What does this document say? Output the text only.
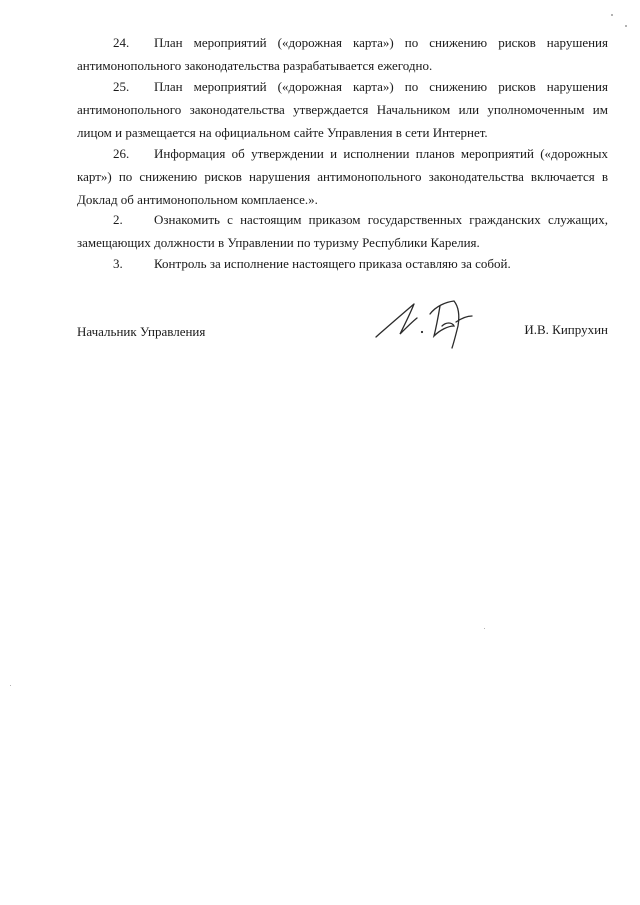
24. План мероприятий («дорожная карта») по снижению рисков нарушения антимонопольного законодательства разрабатывается ежегодно.

25. План мероприятий («дорожная карта») по снижению рисков нарушения антимонопольного законодательства утверждается Начальником или уполномоченным им лицом и размещается на официальном сайте Управления в сети Интернет.

26. Информация об утверждении и исполнении планов мероприятий («дорожных карт») по снижению рисков нарушения антимонопольного законодательства включается в Доклад об антимонопольном комплаенсе.».

2. Ознакомить с настоящим приказом государственных гражданских служащих, замещающих должности в Управлении по туризму Республики Карелия.

3. Контроль за исполнение настоящего приказа оставляю за собой.

Начальник Управления	И.В. Кипрухин
